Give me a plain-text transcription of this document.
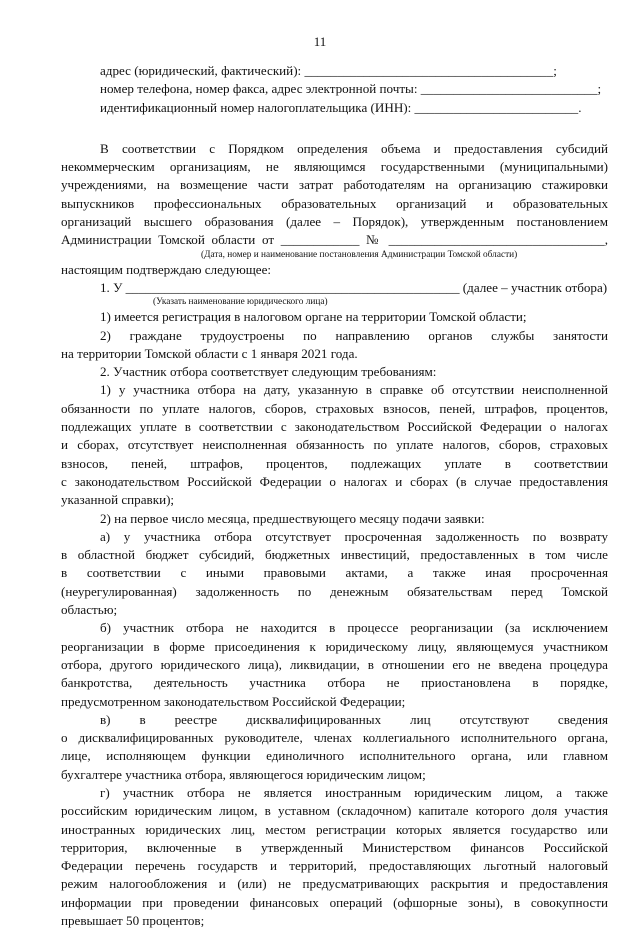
11
адрес (юридический, фактический): ______________________________________;
номер телефона, номер факса, адрес электронной почты: ___________________________;
идентификационный номер налогоплательщика (ИНН): _________________________.
В соответствии с Порядком определения объема и предоставления субсидий
некоммерческим организациям, не являющимся государственными (муниципальными)
учреждениями, на возмещение части затрат работодателям на организацию стажировки
выпускников профессиональных образовательных организаций и образовательных
организаций высшего образования (далее – Порядок), утвержденным постановлением
Администрации Томской области от ____________ № _________________________________,
(Дата, номер и наименование постановления Администрации Томской области)
настоящим подтверждаю следующее:
1. У ___________________________________________________ (далее – участник отбора)
(Указать наименование юридического лица)
1) имеется регистрация в налоговом органе на территории Томской области;
2) граждане трудоустроены по направлению органов службы занятости
на территории Томской области с 1 января 2021 года.
2. Участник отбора соответствует следующим требованиям:
1) у участника отбора на дату, указанную в справке об отсутствии неисполненной
обязанности по уплате налогов, сборов, страховых взносов, пеней, штрафов, процентов,
подлежащих уплате в соответствии с законодательством Российской Федерации о налогах
и сборах, отсутствует неисполненная обязанность по уплате налогов, сборов, страховых
взносов, пеней, штрафов, процентов, подлежащих уплате в соответствии
с законодательством Российской Федерации о налогах и сборах (в случае предоставления
указанной справки);
2) на первое число месяца, предшествующего месяцу подачи заявки:
а) у участника отбора отсутствует просроченная задолженность по возврату
в областной бюджет субсидий, бюджетных инвестиций, предоставленных в том числе
в соответствии с иными правовыми актами, а также иная просроченная
(неурегулированная) задолженность по денежным обязательствам перед Томской
областью;
б) участник отбора не находится в процессе реорганизации (за исключением
реорганизации в форме присоединения к юридическому лицу, являющемуся участником
отбора, другого юридического лица), ликвидации, в отношении его не введена процедура
банкротства, деятельность участника отбора не приостановлена в порядке,
предусмотренном законодательством Российской Федерации;
в) в реестре дисквалифицированных лиц отсутствуют сведения
о дисквалифицированных руководителе, членах коллегиального исполнительного органа,
лице, исполняющем функции единоличного исполнительного органа, или главном
бухгалтере участника отбора, являющегося юридическим лицом;
г) участник отбора не является иностранным юридическим лицом, а также
российским юридическим лицом, в уставном (складочном) капитале которого доля участия
иностранных юридических лиц, местом регистрации которых является государство или
территория, включенные в утвержденный Министерством финансов Российской
Федерации перечень государств и территорий, предоставляющих льготный налоговый
режим налогообложения и (или) не предусматривающих раскрытия и предоставления
информации при проведении финансовых операций (офшорные зоны), в совокупности
превышает 50 процентов;
